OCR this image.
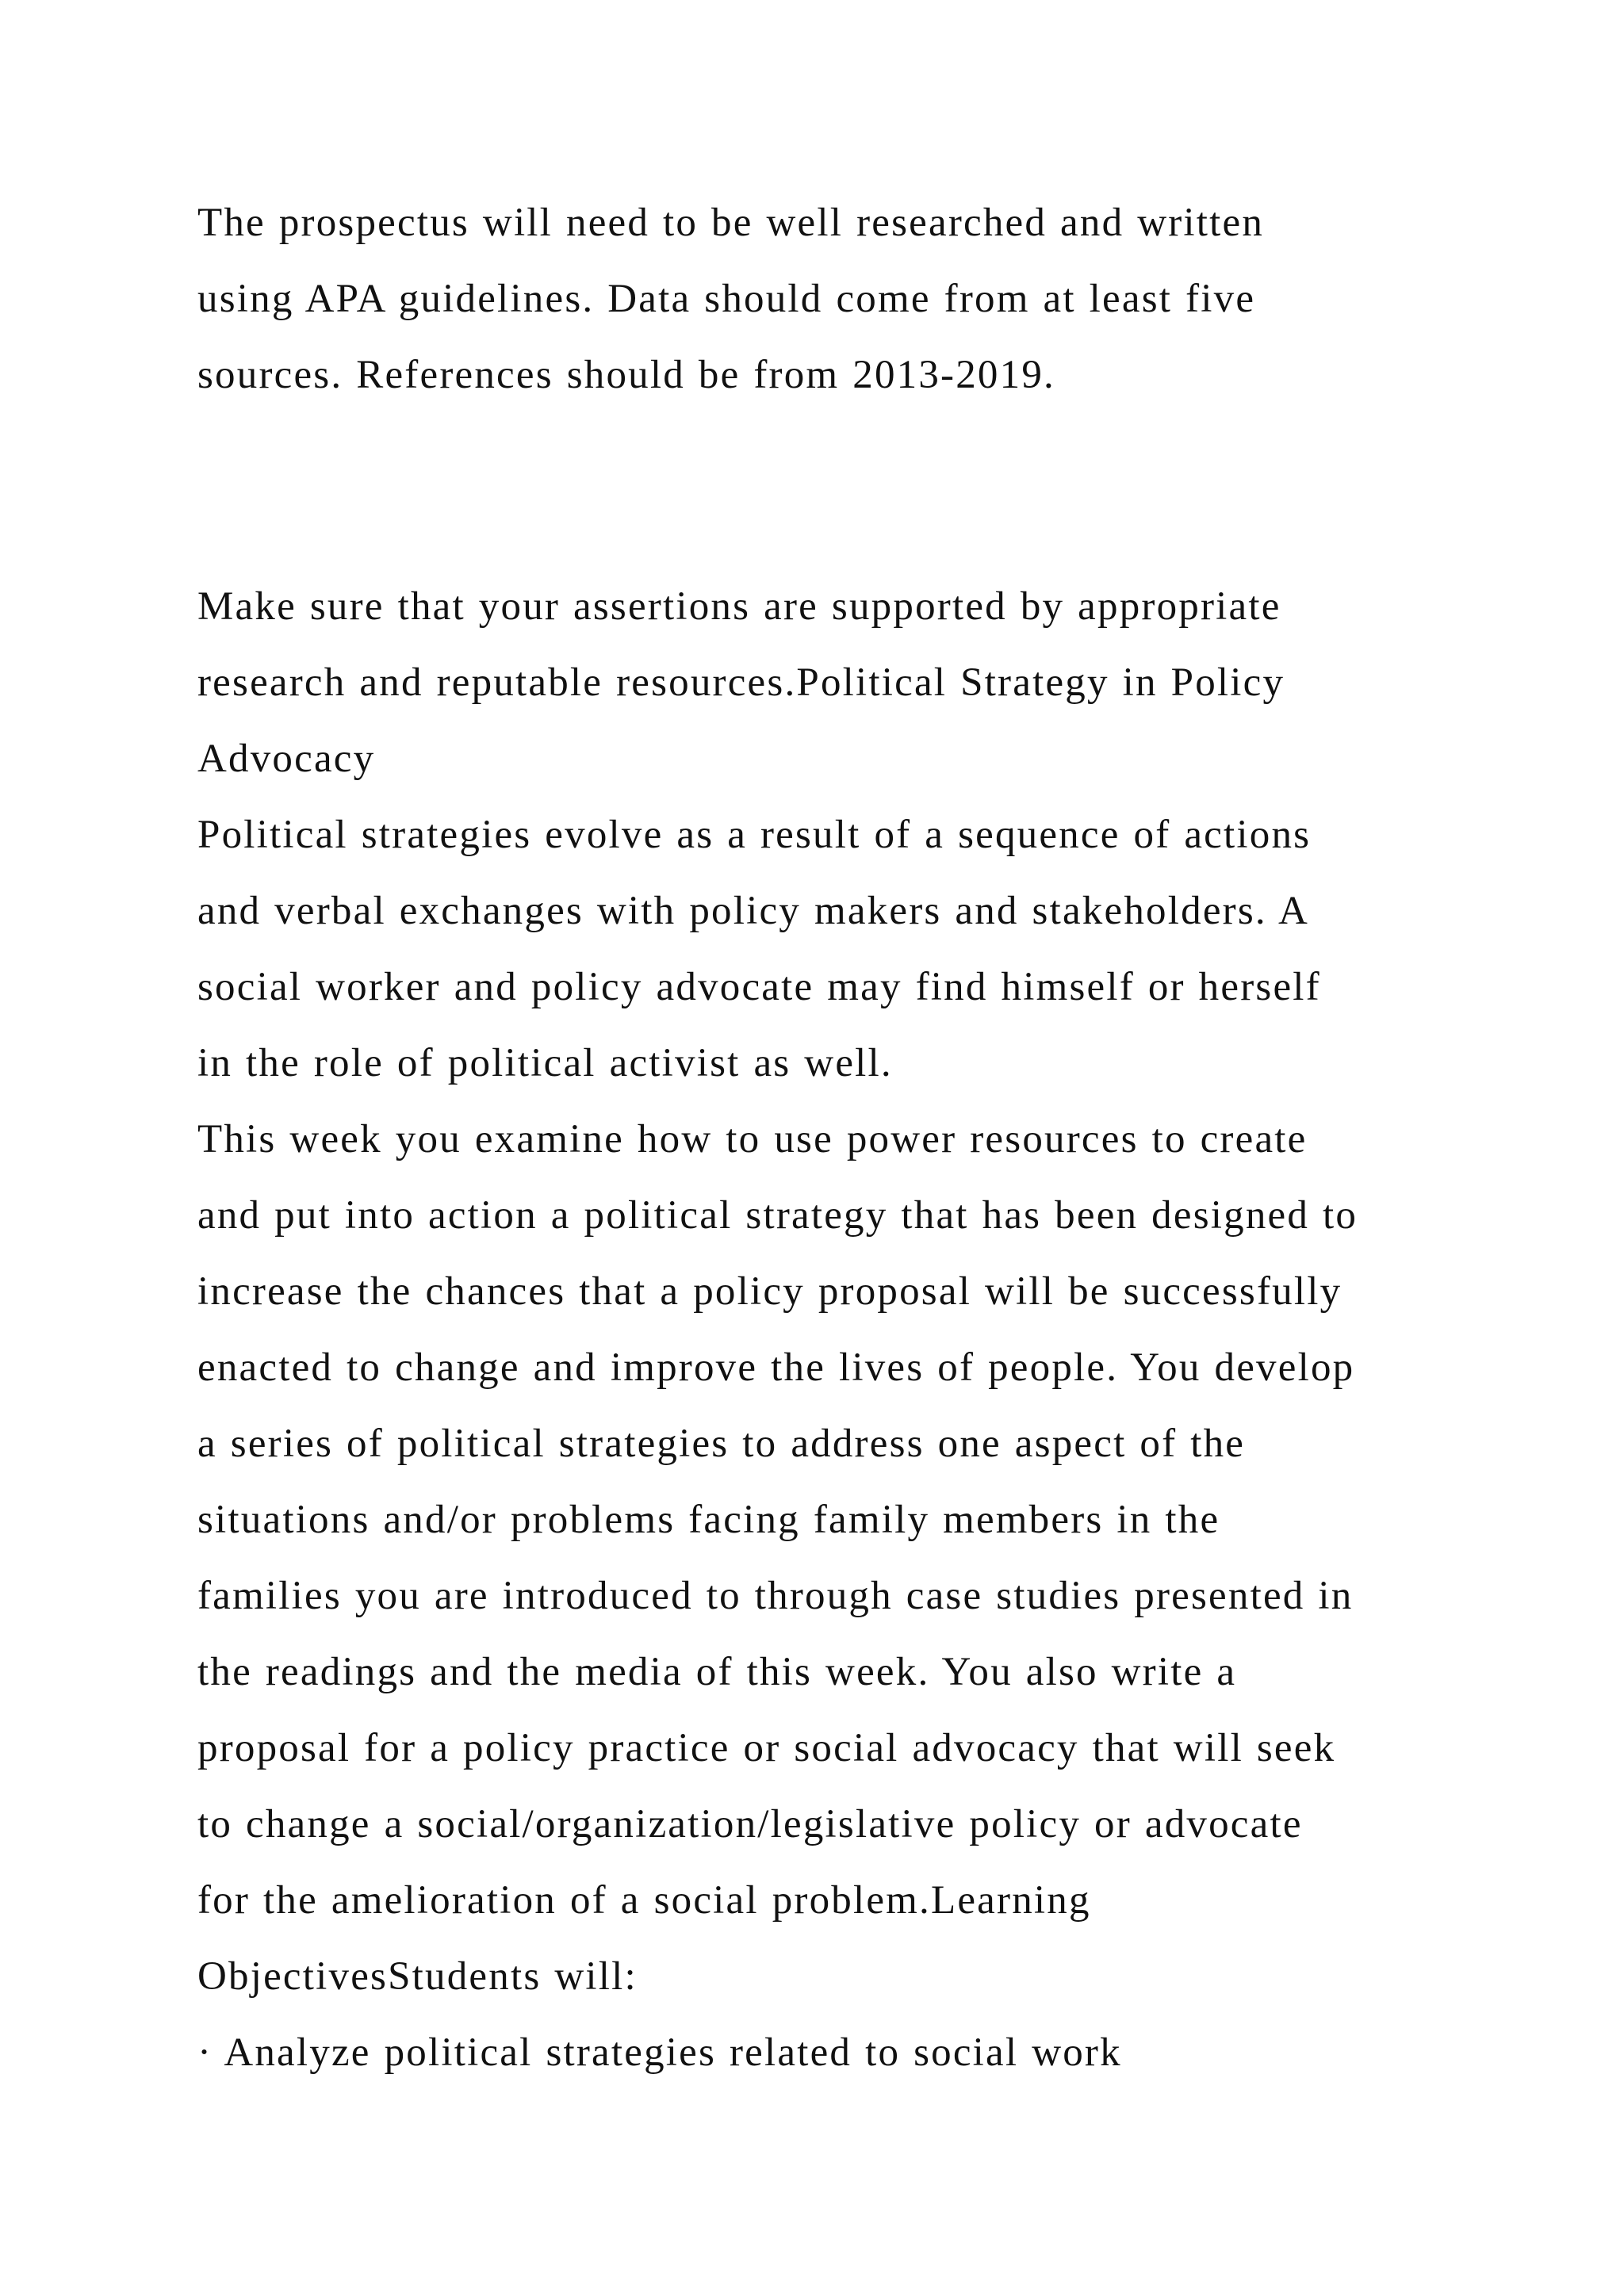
The prospectus will need to be well researched and written
using APA guidelines. Data should come from at least five
sources. References should be from 2013-2019.
Make sure that your assertions are supported by appropriate
research and reputable resources.Political Strategy in Policy
Advocacy
Political strategies evolve as a result of a sequence of actions
and verbal exchanges with policy makers and stakeholders. A
social worker and policy advocate may find himself or herself
in the role of political activist as well.
This week you examine how to use power resources to create
and put into action a political strategy that has been designed to
increase the chances that a policy proposal will be successfully
enacted to change and improve the lives of people. You develop
a series of political strategies to address one aspect of the
situations and/or problems facing family members in the
families you are introduced to through case studies presented in
the readings and the media of this week. You also write a
proposal for a policy practice or social advocacy that will seek
to change a social/organization/legislative policy or advocate
for the amelioration of a social problem.Learning
ObjectivesStudents will:
· Analyze political strategies related to social work
